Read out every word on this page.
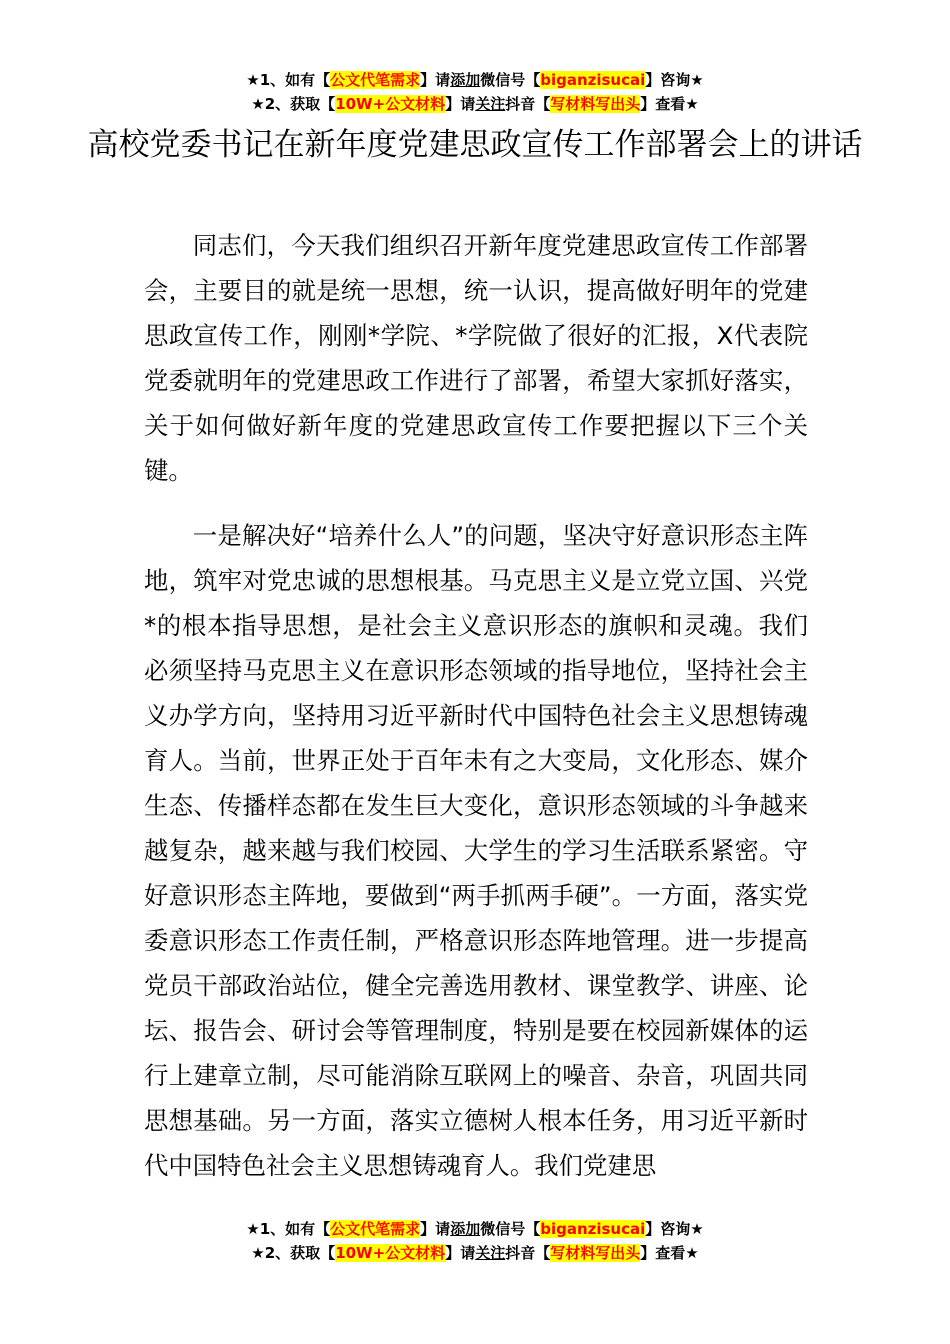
★1、如有【公文代笔需求】请添加微信号【biganzisucai】咨询★
★2、获取【10W+公文材料】请关注抖音【写材料写出头】查看★
高校党委书记在新年度党建思政宣传工作部署会上的讲话

同志们，今天我们组织召开新年度党建思政宣传工作部署会，主要目的就是统一思想，统一认识，提高做好明年的党建思政宣传工作，刚刚*学院、*学院做了很好的汇报，X代表院党委就明年的党建思政工作进行了部署，希望大家抓好落实，关于如何做好新年度的党建思政宣传工作要把握以下三个关键。

一是解决好“培养什么人”的问题，坚决守好意识形态主阵地，筑牢对党忠诚的思想根基。马克思主义是立党立国、兴党*的根本指导思想，是社会主义意识形态的旗帜和灵魂。我们必须坚持马克思主义在意识形态领域的指导地位，坚持社会主义办学方向，坚持用习近平新时代中国特色社会主义思想铸魂育人。当前，世界正处于百年未有之大变局，文化形态、媒介生态、传播样态都在发生巨大变化，意识形态领域的斗争越来越复杂，越来越与我们校园、大学生的学习生活联系紧密。守好意识形态主阵地，要做到“两手抓两手硬”。一方面，落实党委意识形态工作责任制，严格意识形态阵地管理。进一步提高党员干部政治站位，健全完善选用教材、课堂教学、讲座、论坛、报告会、研讨会等管理制度，特别是要在校园新媒体的运行上建章立制，尽可能消除互联网上的噪音、杂音，巩固共同思想基础。另一方面，落实立德树人根本任务，用习近平新时代中国特色社会主义思想铸魂育人。我们党建思

★1、如有【公文代笔需求】请添加微信号【biganzisucai】咨询★
★2、获取【10W+公文材料】请关注抖音【写材料写出头】查看★
